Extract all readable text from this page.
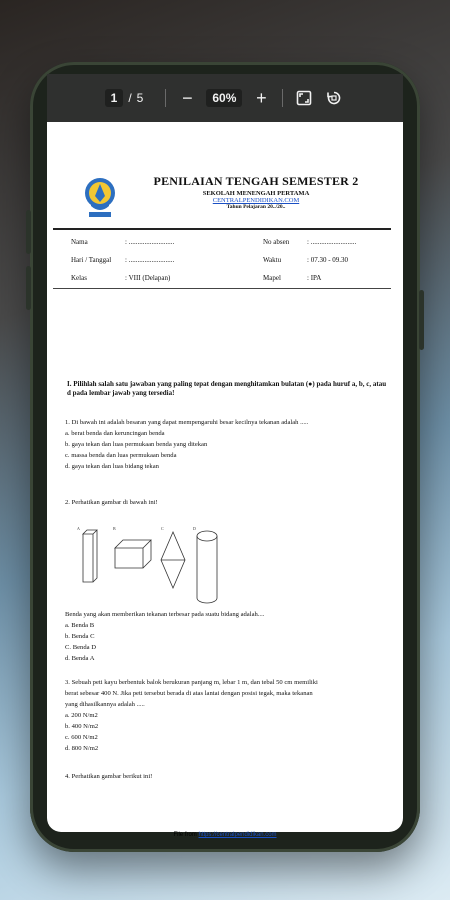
1 / 5	−	60%	+
PENILAIAN TENGAH SEMESTER 2
SEKOLAH MENENGAH PERTAMA
CENTRALPENDIDIKAN.COM
Tahun Pelajaran 20../20..
Nama	: ..........................	No absen	: ..........................
Hari / Tanggal : ..........................	Waktu	: 07.30 - 09.30
Kelas	: VIII (Delapan)	Mapel	: IPA
I. Pilihlah salah satu jawaban yang paling tepat dengan menghitamkan bulatan (●) pada huruf a, b, c, atau d pada lembar jawab yang tersedia!
1. Di bawah ini adalah besaran yang dapat mempengaruhi besar kecilnya tekanan adalah .....
a. berat benda dan keruncingan benda
b. gaya tekan dan luas permukaan benda yang ditekan
c. massa benda dan luas permukaan benda
d. gaya tekan dan luas bidang tekan
2. Perhatikan gambar di bawah ini!
A	B	C	D
Benda yang akan memberikan tekanan terbesar pada suatu bidang adalah....
a. Benda B
b. Benda C
C. Benda D
d. Benda A
3. Sebuah peti kayu berbentuk balok berukuran panjang m, lebar 1 m, dan tebal 50 cm memiliki
berat sebesar 400 N. Jika peti tersebut berada di atas lantai dengan posisi tegak, maka tekanan
yang dihasilkannya adalah .....
a. 200 N/m2
b. 400 N/m2
c. 600 N/m2
d. 800 N/m2
4. Perhatikan gambar berikut ini!
File from https://centralpendidikan.com
